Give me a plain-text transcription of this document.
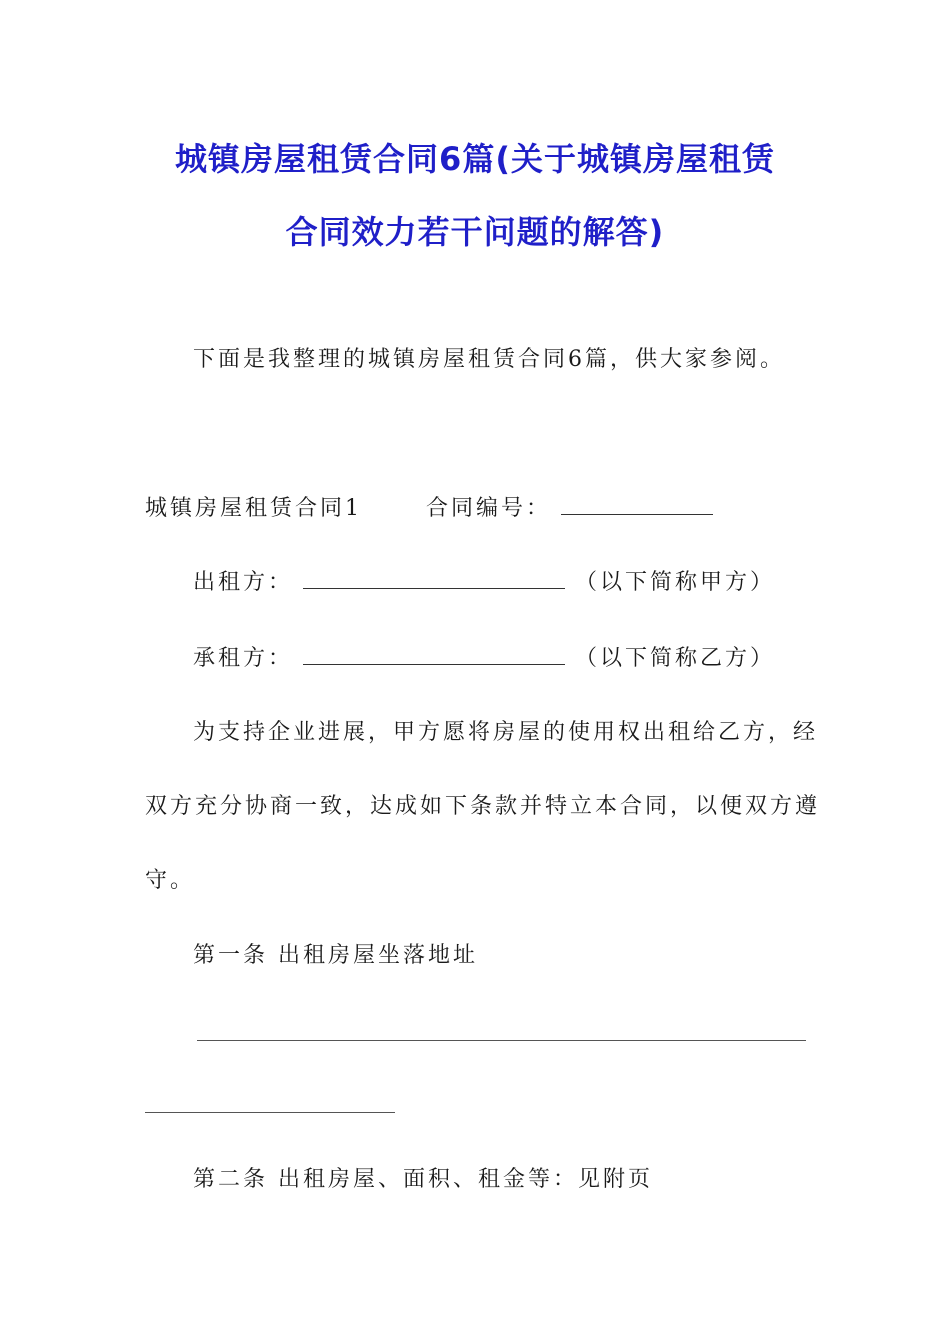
城镇房屋租赁合同6篇(关于城镇房屋租赁
合同效力若干问题的解答)
下面是我整理的城镇房屋租赁合同6篇，供大家参阅。
城镇房屋租赁合同1	合同编号：
出租方：	（以下简称甲方）
承租方：	（以下简称乙方）
为支持企业进展，甲方愿将房屋的使用权出租给乙方，经
双方充分协商一致，达成如下条款并特立本合同，以便双方遵
守。
第一条 出租房屋坐落地址
第二条 出租房屋、面积、租金等：见附页
